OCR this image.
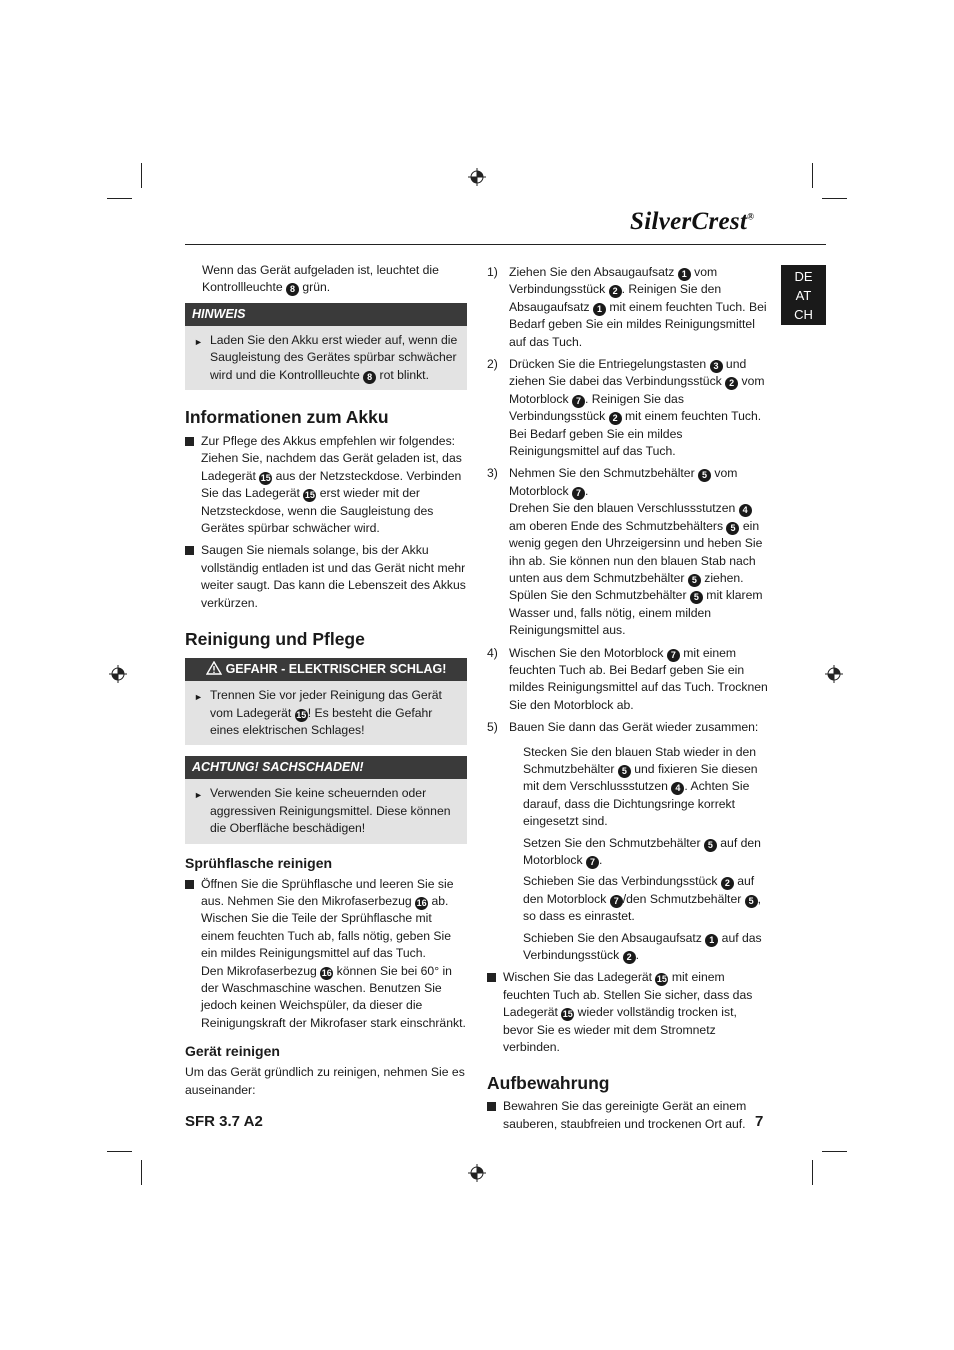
SilverCrest®
DE
AT
CH

Wenn das Gerät aufgeladen ist, leuchtet die Kontrollleuchte 8 grün.

HINWEIS
► Laden Sie den Akku erst wieder auf, wenn die Saugleistung des Gerätes spürbar schwächer wird und die Kontrollleuchte 8 rot blinkt.
Informationen zum Akku

Zur Pflege des Akkus empfehlen wir folgendes: Ziehen Sie, nachdem das Gerät geladen ist, das Ladegerät 15 aus der Netzsteckdose. Verbinden Sie das Ladegerät 15 erst wieder mit der Netzsteckdose, wenn die Saugleistung des Gerätes spürbar schwächer wird.

Saugen Sie niemals solange, bis der Akku vollständig entladen ist und das Gerät nicht mehr weiter saugt. Das kann die Lebenszeit des Akkus verkürzen.

Reinigung und Pflege
GEFAHR - ELEKTRISCHER SCHLAG!
► Trennen Sie vor jeder Reinigung das Gerät vom Ladegerät 15 ! Es besteht die Gefahr eines elektrischen Schlages!
ACHTUNG! SACHSCHADEN!
► Verwenden Sie keine scheuernden oder aggressiven Reinigungsmittel. Diese können die Oberfläche beschädigen!
Sprühflasche reinigen

Öffnen Sie die Sprühflasche und leeren Sie sie aus. Nehmen Sie den Mikrofaserbezug 16 ab. Wischen Sie die Teile der Sprühflasche mit einem feuchten Tuch ab, falls nötig, geben Sie ein mildes Reinigungsmittel auf das Tuch.
Den Mikrofaserbezug 16 können Sie bei 60° in der Waschmaschine waschen. Benutzen Sie jedoch keinen Weichspüler, da dieser die Reinigungskraft der Mikrofaser stark einschränkt.

Gerät reinigen

Um das Gerät gründlich zu reinigen, nehmen Sie es auseinander:

1) Ziehen Sie den Absaugaufsatz 1 vom Verbindungsstück 2 . Reinigen Sie den Absaugaufsatz 1 mit einem feuchten Tuch. Bei Bedarf geben Sie ein mildes Reinigungsmittel auf das Tuch.

2) Drücken Sie die Entriegelungstasten 3 und ziehen Sie dabei das Verbindungsstück 2 vom Motorblock 7 . Reinigen Sie das Verbindungsstück 2 mit einem feuchten Tuch. Bei Bedarf geben Sie ein mildes Reinigungsmittel auf das Tuch.

3) Nehmen Sie den Schmutzbehälter 5 vom Motorblock 7 .
Drehen Sie den blauen Verschlussstutzen 4 am oberen Ende des Schmutzbehälters 5 ein wenig gegen den Uhrzeigersinn und heben Sie ihn ab. Sie können nun den blauen Stab nach unten aus dem Schmutzbehälter 5 ziehen. Spülen Sie den Schmutzbehälter 5 mit klarem Wasser und, falls nötig, einem milden Reinigungsmittel aus.

4) Wischen Sie den Motorblock 7 mit einem feuchten Tuch ab. Bei Bedarf geben Sie ein mildes Reinigungsmittel auf das Tuch. Trocknen Sie den Motorblock ab.

5) Bauen Sie dann das Gerät wieder zusammen:

Stecken Sie den blauen Stab wieder in den Schmutzbehälter 5 und fixieren Sie diesen mit dem Verschlussstutzen 4 . Achten Sie darauf, dass die Dichtungsringe korrekt eingesetzt sind.

Setzen Sie den Schmutzbehälter 5 auf den Motorblock 7 .

Schieben Sie das Verbindungsstück 2 auf den Motorblock 7 /den Schmutzbehälter 5 , so dass es einrastet.

Schieben Sie den Absaugaufsatz 1 auf das Verbindungsstück 2 .

Wischen Sie das Ladegerät 15 mit einem feuchten Tuch ab. Stellen Sie sicher, dass das Ladegerät 15 wieder vollständig trocken ist, bevor Sie es wieder mit dem Stromnetz verbinden.

Aufbewahrung

Bewahren Sie das gereinigte Gerät an einem sauberen, staubfreien und trockenen Ort auf.

SFR 3.7 A2	7
